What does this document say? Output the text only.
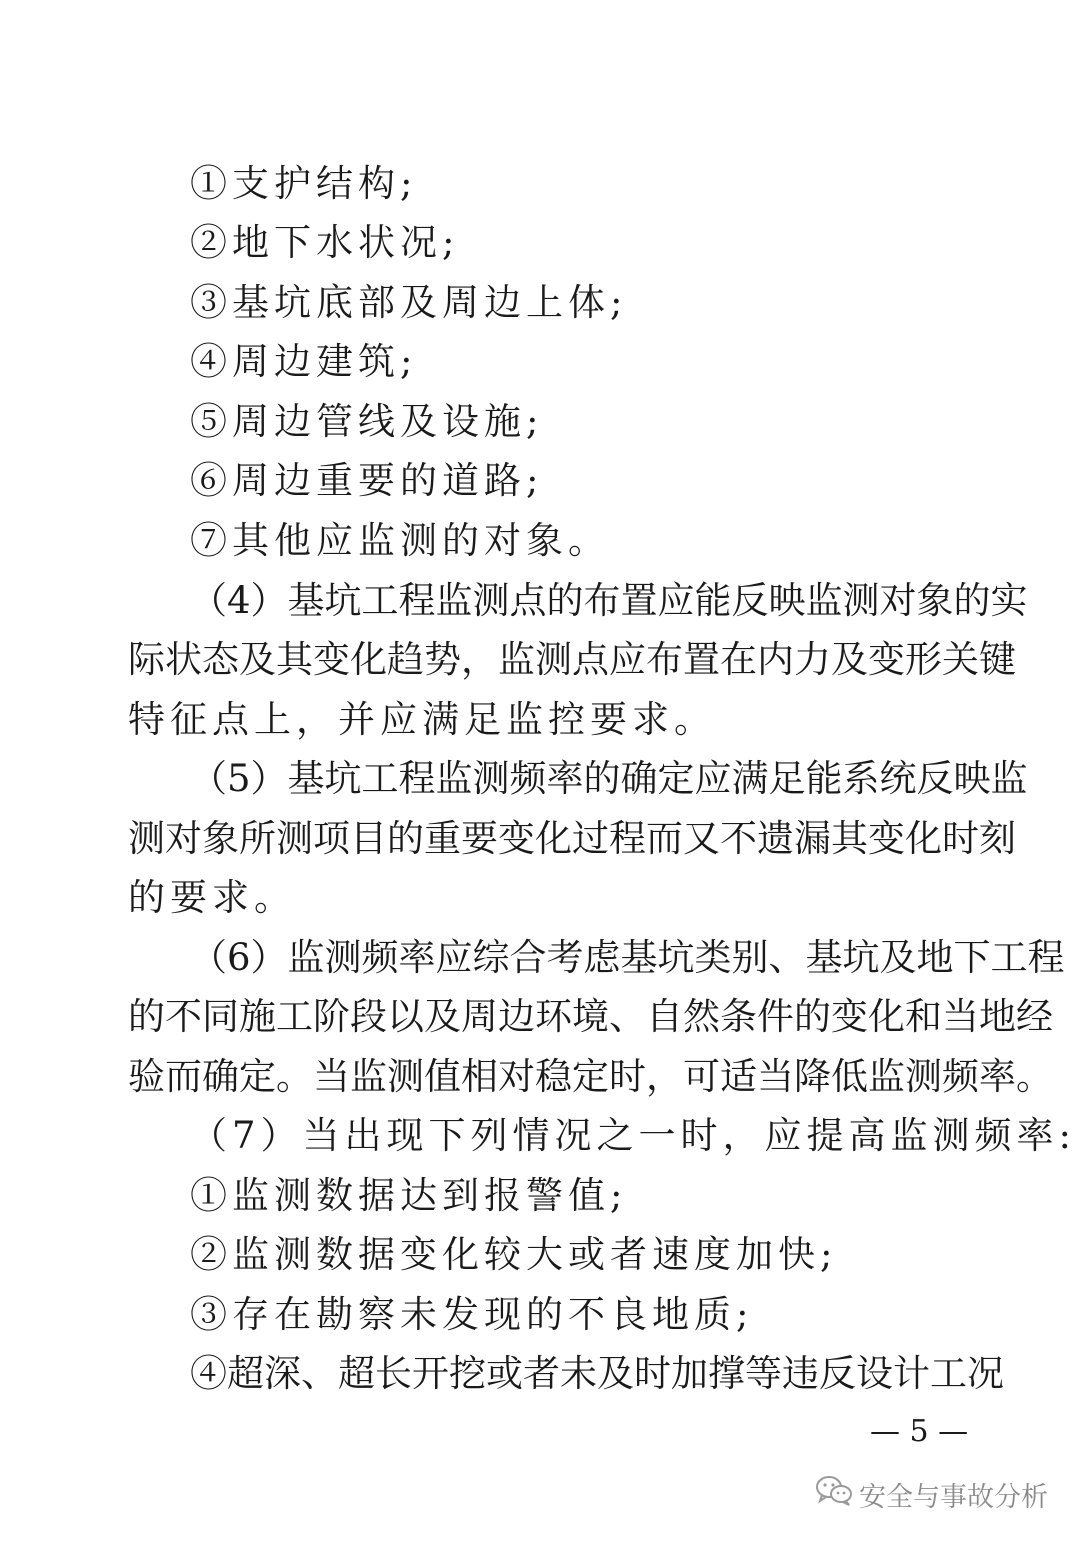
①支护结构;
②地下水状况;
③基坑底部及周边上体;
④周边建筑;
⑤周边管线及设施;
⑥周边重要的道路;
⑦其他应监测的对象。
（4）基坑工程监测点的布置应能反映监测对象的实
际状态及其变化趋势，监测点应布置在内力及变形关键
特征点上，并应满足监控要求。
（5）基坑工程监测频率的确定应满足能系统反映监
测对象所测项目的重要变化过程而又不遗漏其变化时刻
的要求。
（6）监测频率应综合考虑基坑类别、基坑及地下工程
的不同施工阶段以及周边环境、自然条件的变化和当地经
验而确定。当监测值相对稳定时，可适当降低监测频率。
（7）当出现下列情况之一时，应提高监测频率:
①监测数据达到报警值;
②监测数据变化较大或者速度加快;
③存在勘察未发现的不良地质;
④超深、超长开挖或者未及时加撑等违反设计工况
— 5 —
安全与事故分析
